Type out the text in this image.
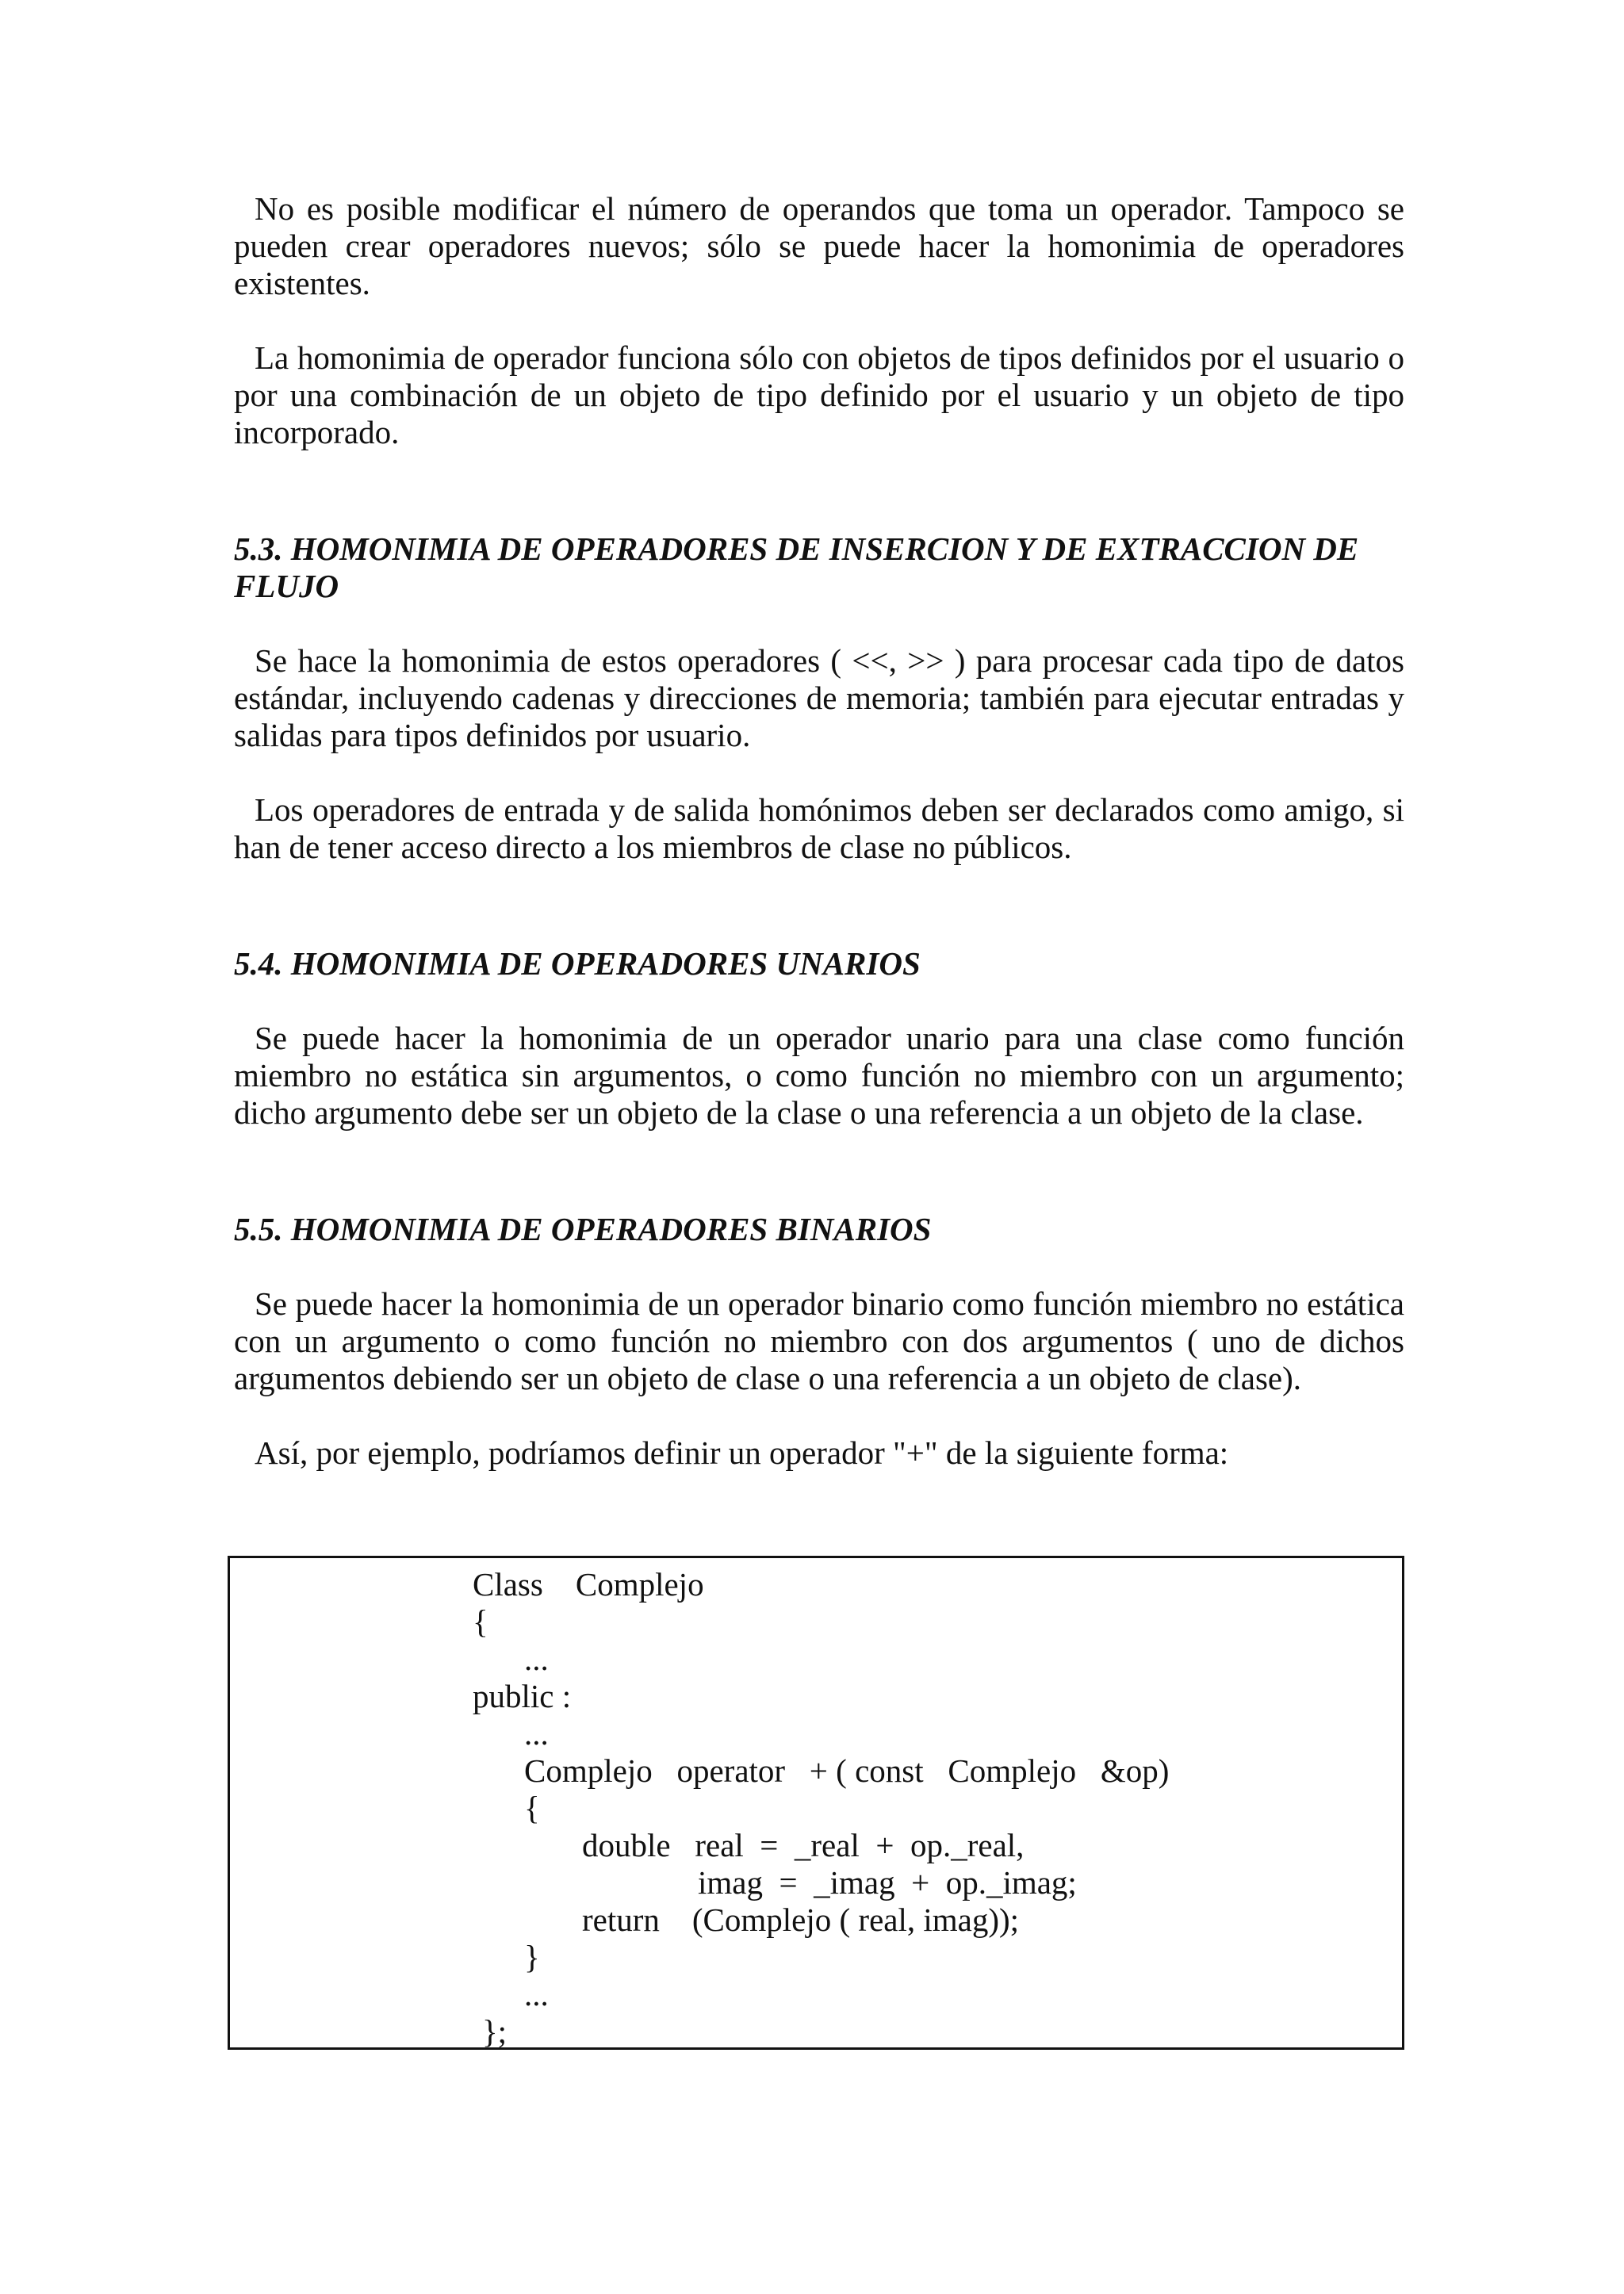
No es posible modificar el número de operandos que toma un operador. Tampoco se pueden crear operadores nuevos; sólo se puede hacer la homonimia de operadores existentes.

La homonimia de operador funciona sólo con objetos de tipos definidos por el usuario o por una combinación de un objeto de tipo definido por el usuario y un objeto de tipo incorporado.

5.3. HOMONIMIA DE OPERADORES DE INSERCION Y DE EXTRACCION DE FLUJO

Se hace la homonimia de estos operadores ( <<, >> ) para procesar cada tipo de datos estándar, incluyendo cadenas y direcciones de memoria; también para ejecutar entradas y salidas para tipos definidos por usuario.

Los operadores de entrada y de salida homónimos deben ser declarados como amigo, si han de tener acceso directo a los miembros de clase no públicos.

5.4. HOMONIMIA DE OPERADORES UNARIOS

Se puede hacer la homonimia de un operador unario para una clase como función miembro no estática sin argumentos, o como función no miembro con un argumento; dicho argumento debe ser un objeto de la clase o una referencia a un objeto de la clase.

5.5. HOMONIMIA DE OPERADORES BINARIOS

Se puede hacer la homonimia de un operador binario como función miembro no estática con un argumento o como función no miembro con dos argumentos ( uno de dichos argumentos debiendo ser un objeto de clase o una referencia a un objeto de clase).

Así, por ejemplo, podríamos definir un operador "+" de la siguiente forma:

Class    Complejo
{
...
public :
...
Complejo   operator   + ( const   Complejo   &op)
{
double   real  =  _real  +  op._real,
imag  =  _imag  +  op._imag;
return    (Complejo ( real, imag));
}
...
};
